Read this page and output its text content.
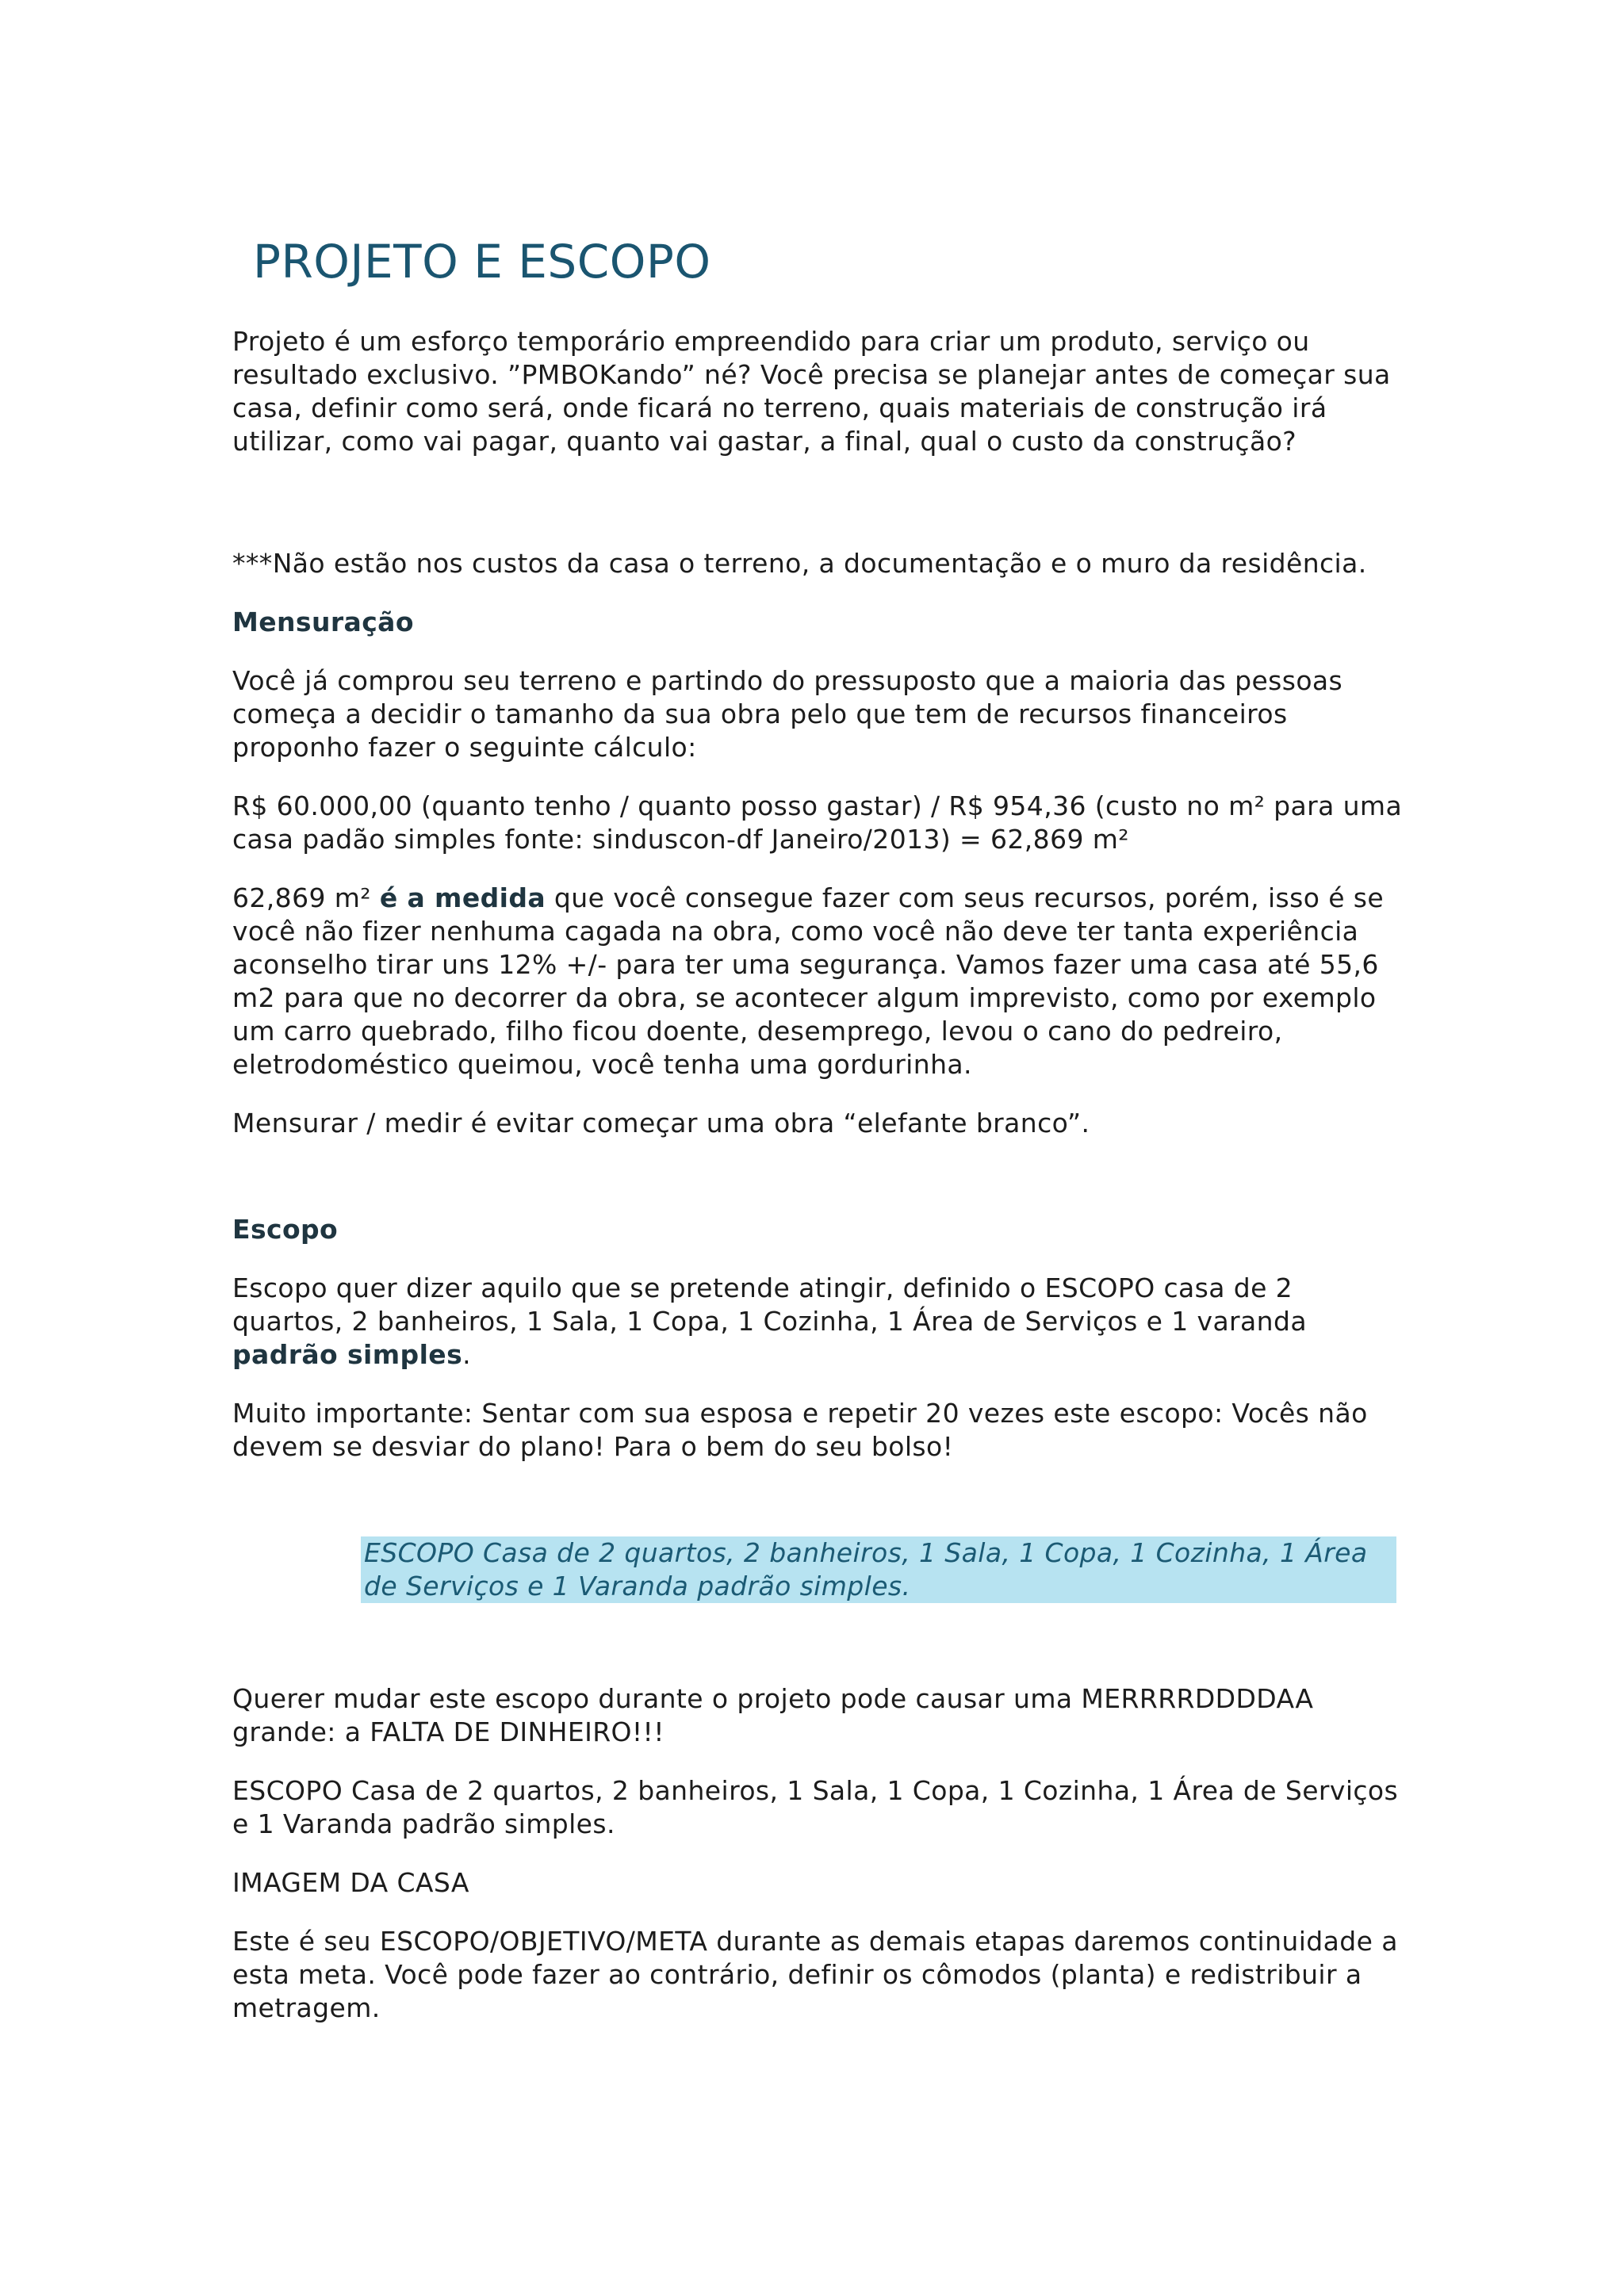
PROJETO E ESCOPO

Projeto é um esforço temporário empreendido para criar um produto, serviço ou resultado exclusivo. ”PMBOKando” né? Você precisa se planejar antes de começar sua casa, definir como será, onde ficará no terreno, quais materiais de construção irá utilizar, como vai pagar, quanto vai gastar, a final, qual o custo da construção?

***Não estão nos custos da casa o terreno, a documentação e o muro da residência.

Mensuração

Você já comprou seu terreno e partindo do pressuposto que a maioria das pessoas começa a decidir o tamanho da sua obra pelo que tem de recursos financeiros proponho fazer o seguinte cálculo:

R$ 60.000,00 (quanto tenho / quanto posso gastar) / R$ 954,36 (custo no m² para uma casa padão simples fonte: sinduscon-df Janeiro/2013) = 62,869 m²

62,869 m² é a medida que você consegue fazer com seus recursos, porém, isso é se você não fizer nenhuma cagada na obra, como você não deve ter tanta experiência aconselho tirar uns 12% +/- para ter uma segurança. Vamos fazer uma casa até 55,6 m2 para que no decorrer da obra, se acontecer algum imprevisto, como por exemplo um carro quebrado, filho ficou doente, desemprego, levou o cano do pedreiro, eletrodoméstico queimou, você tenha uma gordurinha.

Mensurar / medir é evitar começar uma obra “elefante branco”.

Escopo

Escopo quer dizer aquilo que se pretende atingir, definido o ESCOPO casa de 2 quartos, 2 banheiros, 1 Sala, 1 Copa, 1 Cozinha, 1 Área de Serviços e 1 varanda padrão simples.

Muito importante: Sentar com sua esposa e repetir 20 vezes este escopo: Vocês não devem se desviar do plano! Para o bem do seu bolso!

ESCOPO Casa de 2 quartos, 2 banheiros, 1 Sala, 1 Copa, 1 Cozinha, 1 Área de Serviços e 1 Varanda padrão simples.

Querer mudar este escopo durante o projeto pode causar uma MERRRRDDDDAA grande: a FALTA DE DINHEIRO!!!

ESCOPO Casa de 2 quartos, 2 banheiros, 1 Sala, 1 Copa, 1 Cozinha, 1 Área de Serviços e 1 Varanda padrão simples.

IMAGEM DA CASA

Este é seu ESCOPO/OBJETIVO/META durante as demais etapas daremos continuidade a esta meta. Você pode fazer ao contrário, definir os cômodos (planta) e redistribuir a metragem.
